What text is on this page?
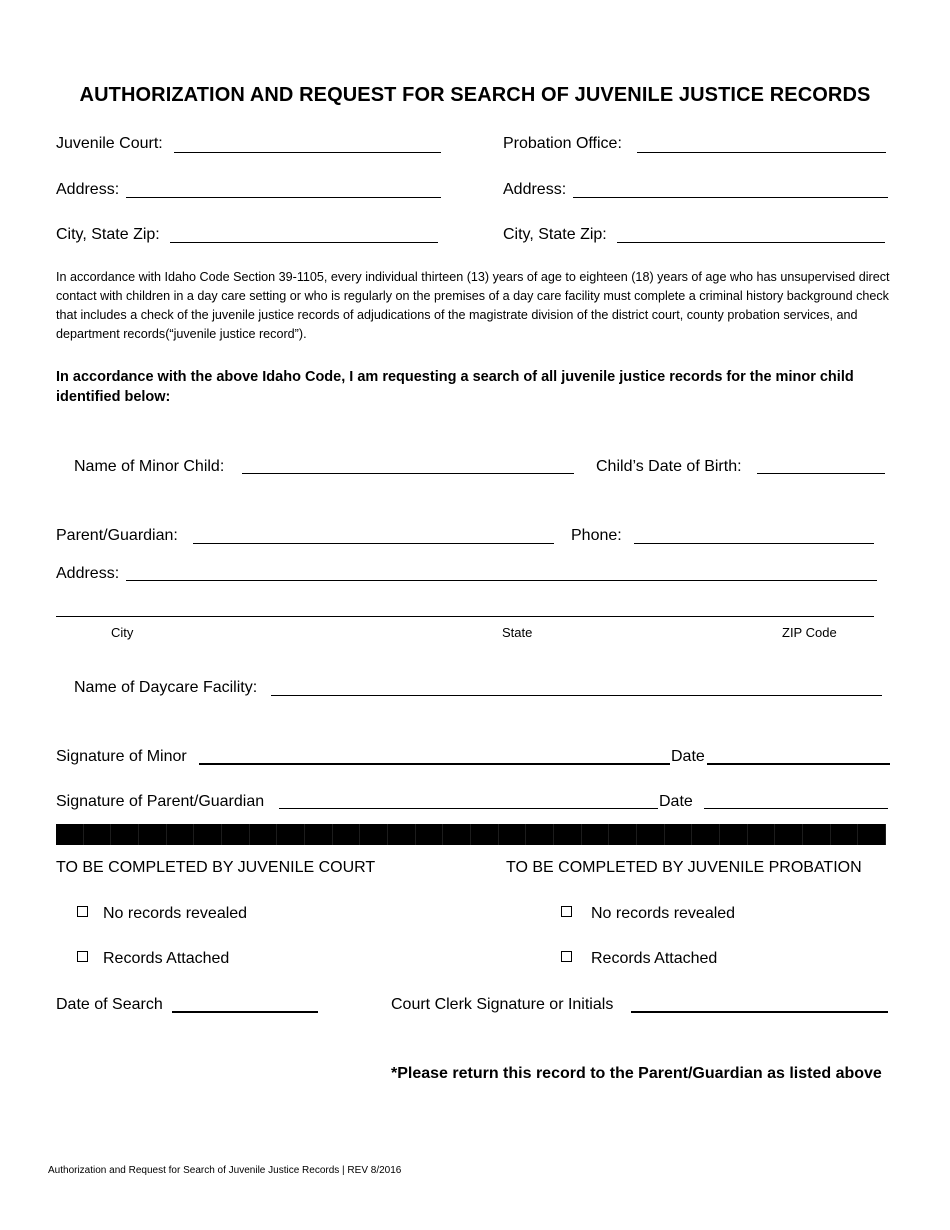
AUTHORIZATION AND REQUEST FOR SEARCH OF JUVENILE JUSTICE RECORDS
Juvenile Court:	Probation Office:
Address:	Address:
City, State Zip:	City, State Zip:
In accordance with Idaho Code Section 39-1105, every individual thirteen (13) years of age to eighteen (18) years of age who has unsupervised direct contact with children in a day care setting or who is regularly on the premises of a day care facility must complete a criminal history background check that includes a check of the juvenile justice records of adjudications of the magistrate division of the district court, county probation services, and department records(“juvenile justice record”).
In accordance with the above Idaho Code, I am requesting a search of all juvenile justice records for the minor child identified below:
Name of Minor Child:	Child’s Date of Birth:
Parent/Guardian:	Phone:
Address:
City	State	ZIP Code
Name of Daycare Facility:
Signature of Minor	Date
Signature of Parent/Guardian	Date
TO BE COMPLETED BY JUVENILE COURT
No records revealed
Records Attached
TO BE COMPLETED BY JUVENILE PROBATION
No records revealed
Records Attached
Date of Search	Court Clerk Signature or Initials
*Please return this record to the Parent/Guardian as listed above
Authorization and Request for Search of Juvenile Justice Records | REV 8/2016
